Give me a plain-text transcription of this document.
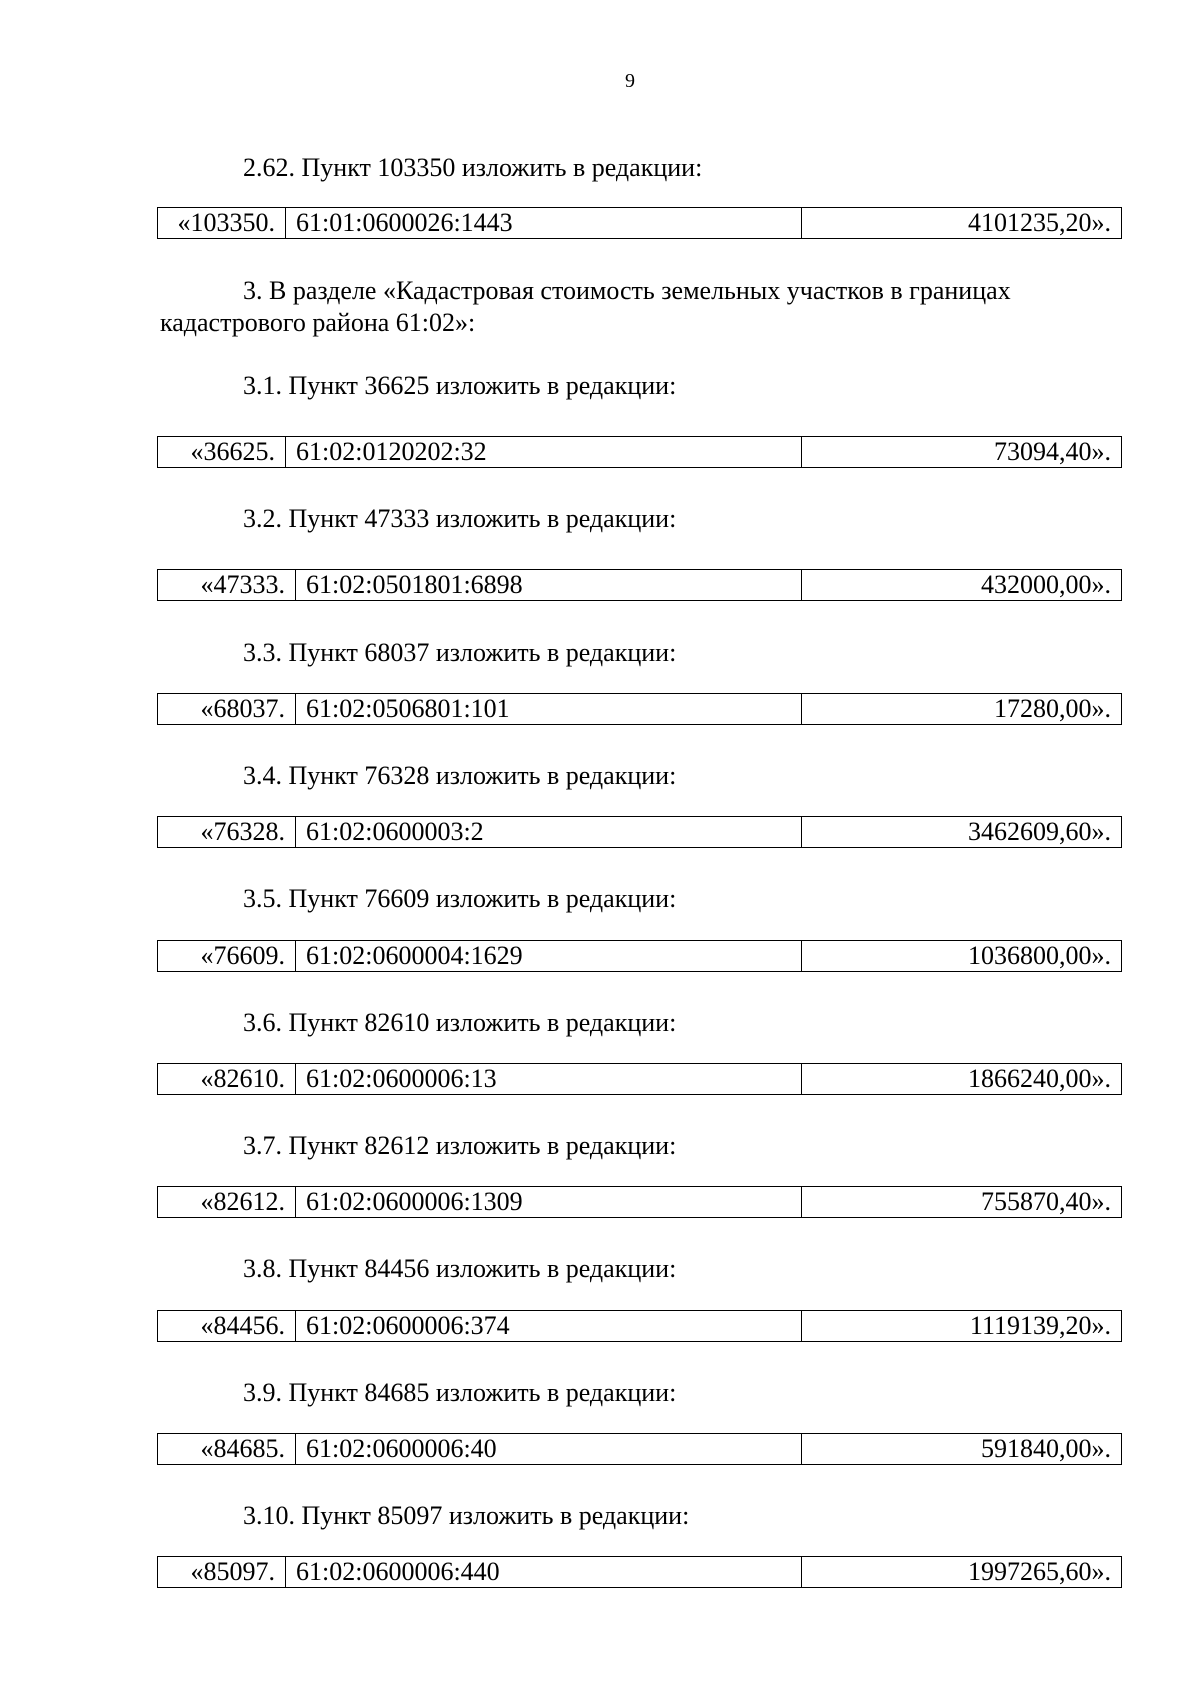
9
2.62. Пункт 103350 изложить в редакции:
«103350.	61:01:0600026:1443	4101235,20».
3. В разделе «Кадастровая стоимость земельных участков в границах кадастрового района 61:02»:
3.1. Пункт 36625 изложить в редакции:
«36625.	61:02:0120202:32	73094,40».
3.2. Пункт 47333 изложить в редакции:
«47333.	61:02:0501801:6898	432000,00».
3.3. Пункт 68037 изложить в редакции:
«68037.	61:02:0506801:101	17280,00».
3.4. Пункт 76328 изложить в редакции:
«76328.	61:02:0600003:2	3462609,60».
3.5. Пункт 76609 изложить в редакции:
«76609.	61:02:0600004:1629	1036800,00».
3.6. Пункт 82610 изложить в редакции:
«82610.	61:02:0600006:13	1866240,00».
3.7. Пункт 82612 изложить в редакции:
«82612.	61:02:0600006:1309	755870,40».
3.8. Пункт 84456 изложить в редакции:
«84456.	61:02:0600006:374	1119139,20».
3.9. Пункт 84685 изложить в редакции:
«84685.	61:02:0600006:40	591840,00».
3.10. Пункт 85097 изложить в редакции:
«85097.	61:02:0600006:440	1997265,60».
